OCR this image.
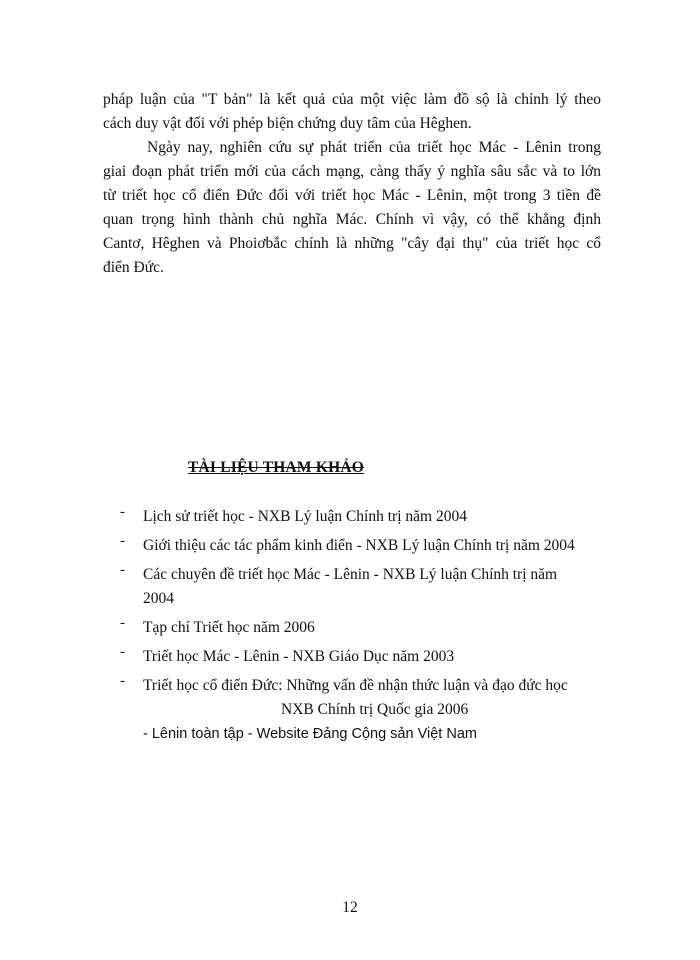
pháp luận của "T bản" là kết quả của một việc làm đồ sộ là chỉnh lý theo
cách duy vật đối với phép biện chứng duy tâm của Hêghen.

Ngày nay, nghiên cứu sự phát triển của triết học Mác - Lênin trong
giai đoạn phát triển mới của cách mạng, càng thấy ý nghĩa sâu sắc và to lớn
từ triết học cổ điển Đức đối với triết học Mác - Lênin, một trong 3 tiền đề
quan trọng hình thành chủ nghĩa Mác. Chính vì vậy, có thể khẳng định
Cantơ, Hêghen và Phoiơbắc chính là những "cây đại thụ" của triết học cổ
điển Đức.

TÀI LIỆU THAM KHẢO
- Lịch sử triết học - NXB Lý luận Chính trị năm 2004
- Giới thiệu các tác phẩm kinh điển - NXB Lý luận Chính trị năm 2004
- Các chuyên đề triết học Mác - Lênin - NXB Lý luận Chính trị năm
2004
- Tạp chí Triết học năm 2006
- Triết học Mác - Lênin - NXB Giáo Dục năm 2003
- Triết học cổ điển Đức: Những vấn đề nhận thức luận và đạo đức học
NXB Chính trị Quốc gia 2006
- Lênin toàn tập - Website Đảng Cộng sản Việt Nam
12
